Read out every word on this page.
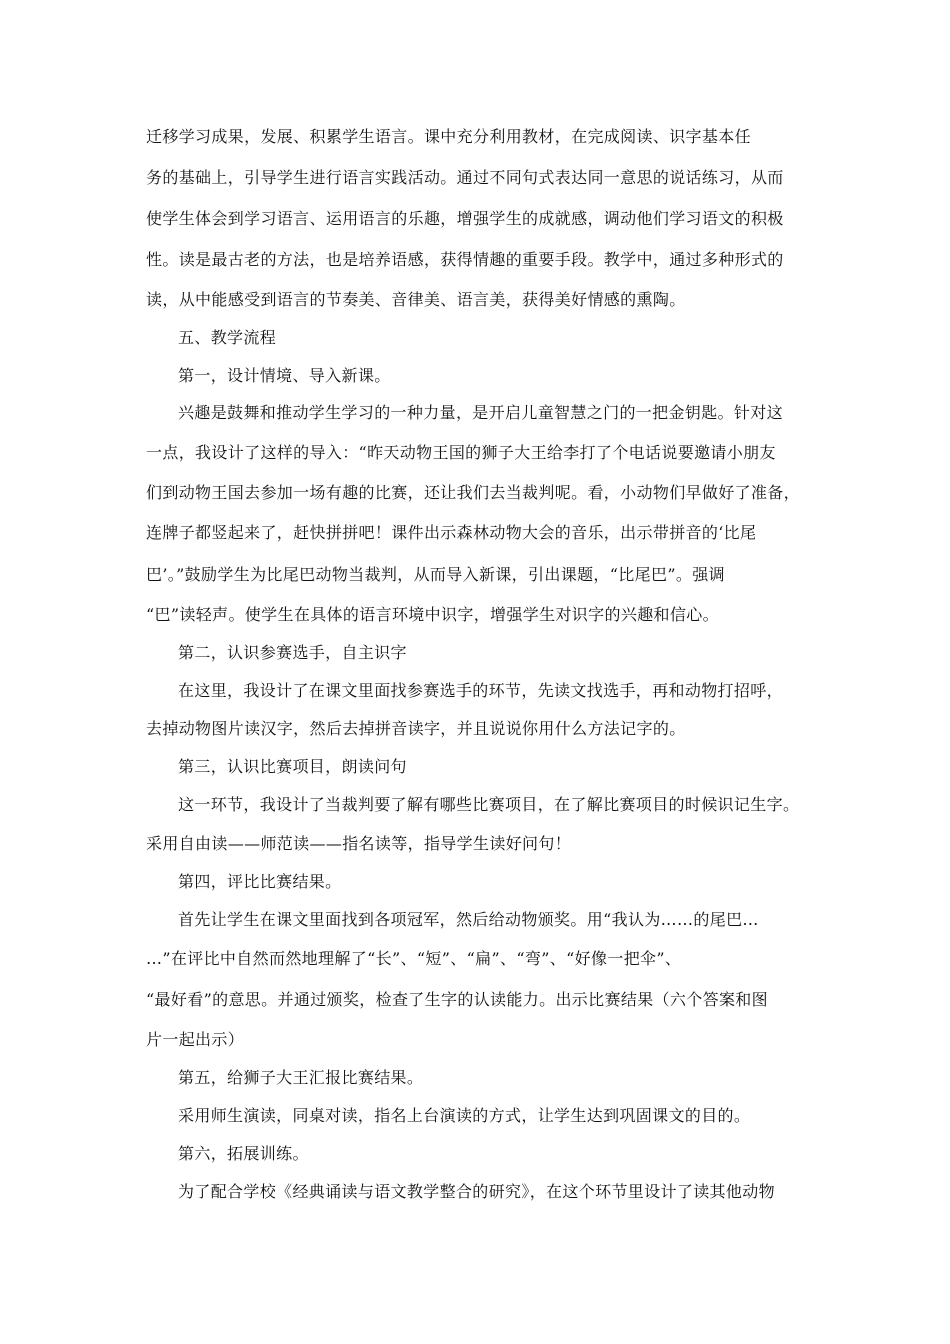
迁移学习成果，发展、积累学生语言。课中充分利用教材，在完成阅读、识字基本任
务的基础上，引导学生进行语言实践活动。通过不同句式表达同一意思的说话练习，从而
使学生体会到学习语言、运用语言的乐趣，增强学生的成就感，调动他们学习语文的积极
性。读是最古老的方法，也是培养语感，获得情趣的重要手段。教学中，通过多种形式的
读，从中能感受到语言的节奏美、音律美、语言美，获得美好情感的熏陶。
五、教学流程
第一，设计情境、导入新课。
兴趣是鼓舞和推动学生学习的一种力量，是开启儿童智慧之门的一把金钥匙。针对这
一点，我设计了这样的导入：“昨天动物王国的狮子大王给李打了个电话说要邀请小朋友
们到动物王国去参加一场有趣的比赛，还让我们去当裁判呢。看，小动物们早做好了准备，
连牌子都竖起来了，赶快拼拼吧！课件出示森林动物大会的音乐，出示带拼音的‘比尾
巴’。”鼓励学生为比尾巴动物当裁判，从而导入新课，引出课题，“比尾巴”。强调
“巴”读轻声。使学生在具体的语言环境中识字，增强学生对识字的兴趣和信心。
第二，认识参赛选手，自主识字
在这里，我设计了在课文里面找参赛选手的环节，先读文找选手，再和动物打招呼，
去掉动物图片读汉字，然后去掉拼音读字，并且说说你用什么方法记字的。
第三，认识比赛项目，朗读问句
这一环节，我设计了当裁判要了解有哪些比赛项目，在了解比赛项目的时候识记生字。
采用自由读——师范读——指名读等，指导学生读好问句！
第四，评比比赛结果。
首先让学生在课文里面找到各项冠军，然后给动物颁奖。用“我认为……的尾巴…
…”在评比中自然而然地理解了“长”、“短”、“扁”、“弯”、“好像一把伞”、
“最好看”的意思。并通过颁奖，检查了生字的认读能力。出示比赛结果（六个答案和图
片一起出示）
第五，给狮子大王汇报比赛结果。
采用师生演读，同桌对读，指名上台演读的方式，让学生达到巩固课文的目的。
第六，拓展训练。
为了配合学校《经典诵读与语文教学整合的研究》，在这个环节里设计了读其他动物
